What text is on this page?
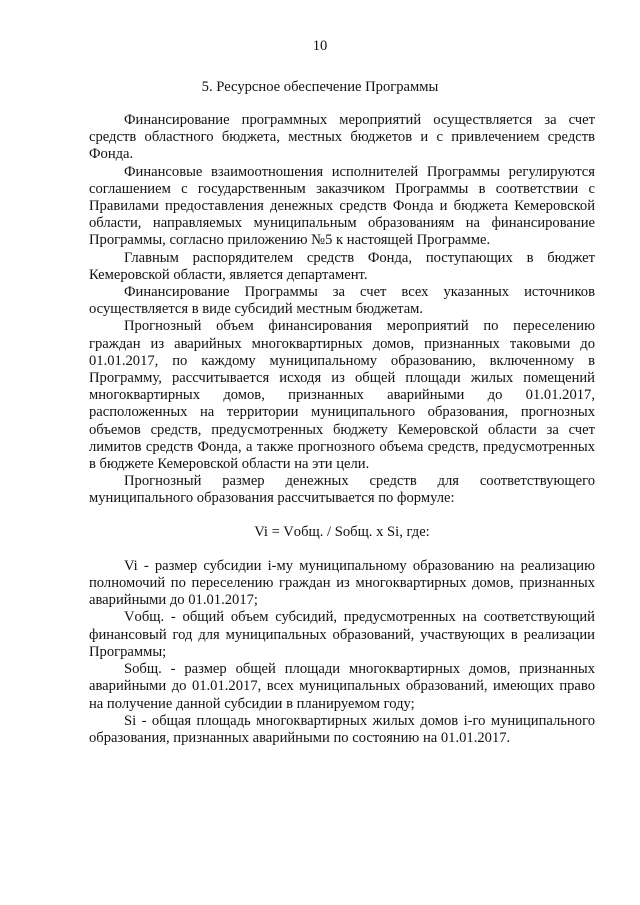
10
5. Ресурсное обеспечение Программы

Финансирование программных мероприятий осуществляется за счет средств областного бюджета, местных бюджетов и с привлечением средств Фонда.

Финансовые взаимоотношения исполнителей Программы регулируются соглашением с государственным заказчиком Программы в соответствии с Правилами предоставления денежных средств Фонда и бюджета Кемеровской области, направляемых муниципальным образованиям на финансирование Программы, согласно приложению №5 к настоящей Программе.

Главным распорядителем средств Фонда, поступающих в бюджет Кемеровской области, является департамент.

Финансирование Программы за счет всех указанных источников осуществляется в виде субсидий местным бюджетам.

Прогнозный объем финансирования мероприятий по переселению граждан из аварийных многоквартирных домов, признанных таковыми до 01.01.2017, по каждому муниципальному образованию, включенному в Программу, рассчитывается исходя из общей площади жилых помещений многоквартирных домов, признанных аварийными до 01.01.2017, расположенных на территории муниципального образования, прогнозных объемов средств, предусмотренных бюджету Кемеровской области за счет лимитов средств Фонда, а также прогнозного объема средств, предусмотренных в бюджете Кемеровской области на эти цели.

Прогнозный размер денежных средств для соответствующего муниципального образования рассчитывается по формуле:

Vi = Vобщ. / Sобщ. x Si, где:

Vi - размер субсидии i-му муниципальному образованию на реализацию полномочий по переселению граждан из многоквартирных домов, признанных аварийными до 01.01.2017;

Vобщ. - общий объем субсидий, предусмотренных на соответствующий финансовый год для муниципальных образований, участвующих в реализации Программы;

Sобщ. - размер общей площади многоквартирных домов, признанных аварийными до 01.01.2017, всех муниципальных образований, имеющих право на получение данной субсидии в планируемом году;

Si - общая площадь многоквартирных жилых домов i-го муниципального образования, признанных аварийными по состоянию на 01.01.2017.
